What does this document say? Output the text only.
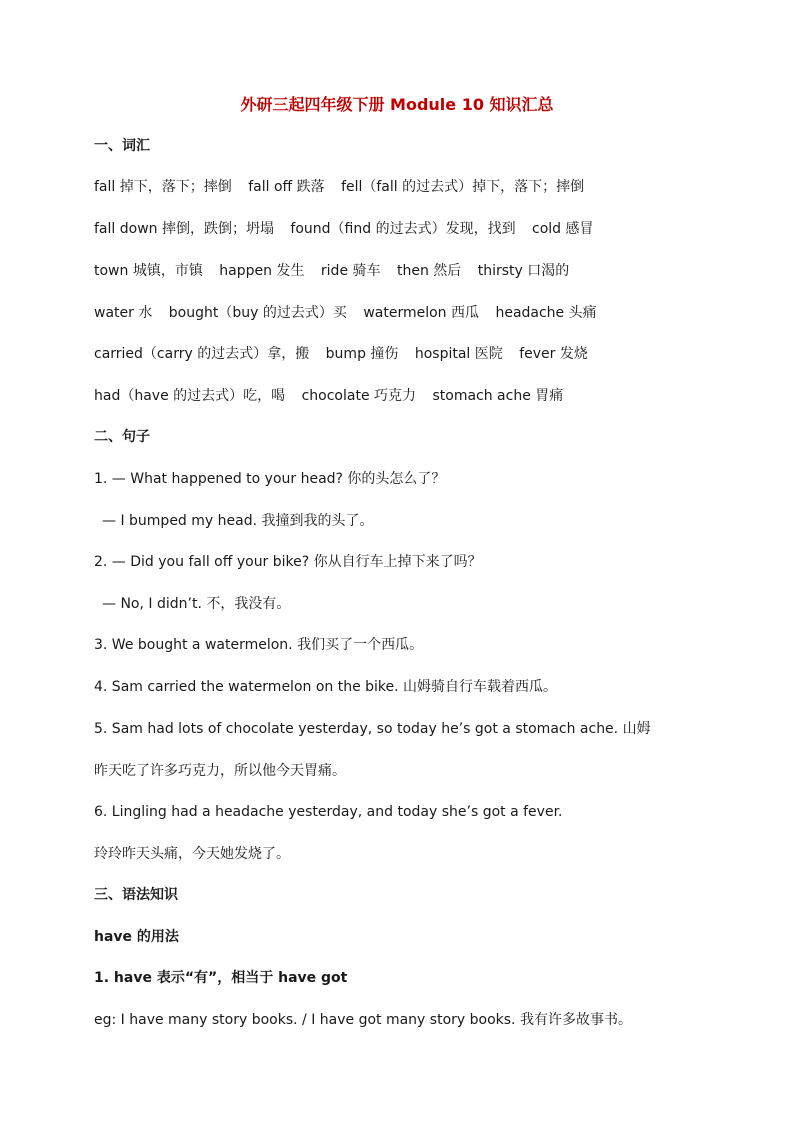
外研三起四年级下册 Module 10 知识汇总
一、词汇
fall 掉下，落下；摔倒 fall off 跌落 fell（fall 的过去式）掉下，落下；摔倒
fall down 摔倒，跌倒；坍塌 found（find 的过去式）发现，找到 cold 感冒
town 城镇，市镇 happen 发生 ride 骑车 then 然后 thirsty 口渴的
water 水 bought（buy 的过去式）买 watermelon 西瓜 headache 头痛
carried（carry 的过去式）拿，搬 bump 撞伤 hospital 医院 fever 发烧
had（have 的过去式）吃，喝 chocolate 巧克力 stomach ache 胃痛
二、句子
1. — What happened to your head? 你的头怎么了？
— I bumped my head. 我撞到我的头了。
2. — Did you fall off your bike? 你从自行车上掉下来了吗？
— No, I didn’t. 不，我没有。
3. We bought a watermelon. 我们买了一个西瓜。
4. Sam carried the watermelon on the bike. 山姆骑自行车载着西瓜。
5. Sam had lots of chocolate yesterday, so today he’s got a stomach ache. 山姆
昨天吃了许多巧克力，所以他今天胃痛。
6. Lingling had a headache yesterday, and today she’s got a fever.
玲玲昨天头痛，今天她发烧了。
三、语法知识
have 的用法
1. have 表示“有”，相当于 have got
eg: I have many story books. / I have got many story books. 我有许多故事书。
